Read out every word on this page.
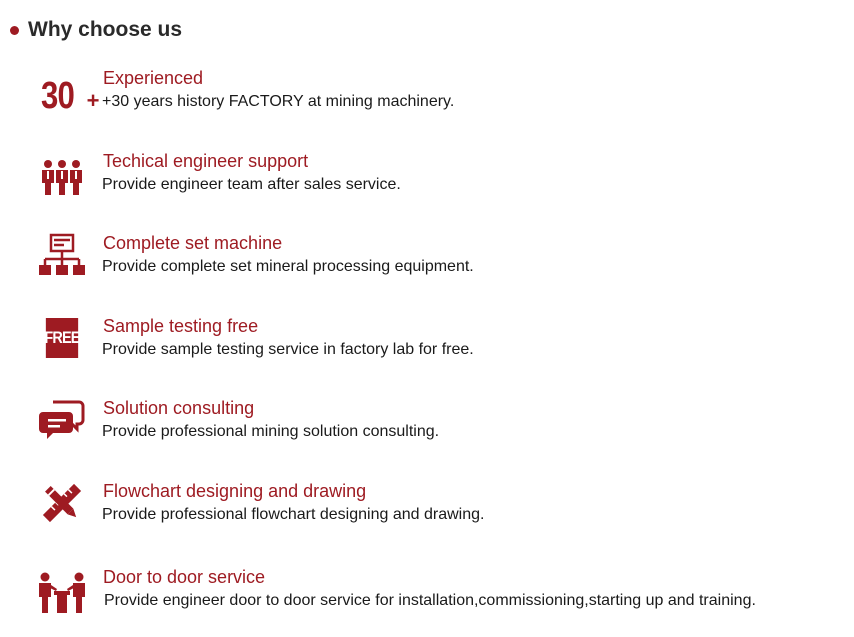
Why choose us
30 +
Experienced
+30 years history FACTORY at mining machinery.
Techical engineer support
Provide engineer team after sales service.
Complete set machine
Provide complete set mineral processing equipment.
FREE
Sample testing free
Provide sample testing service in factory lab for free.
Solution consulting
Provide professional mining solution consulting.
Flowchart designing and drawing
Provide professional flowchart designing and drawing.
Door to door service
Provide engineer door to door service for installation,commissioning,starting up and training.
